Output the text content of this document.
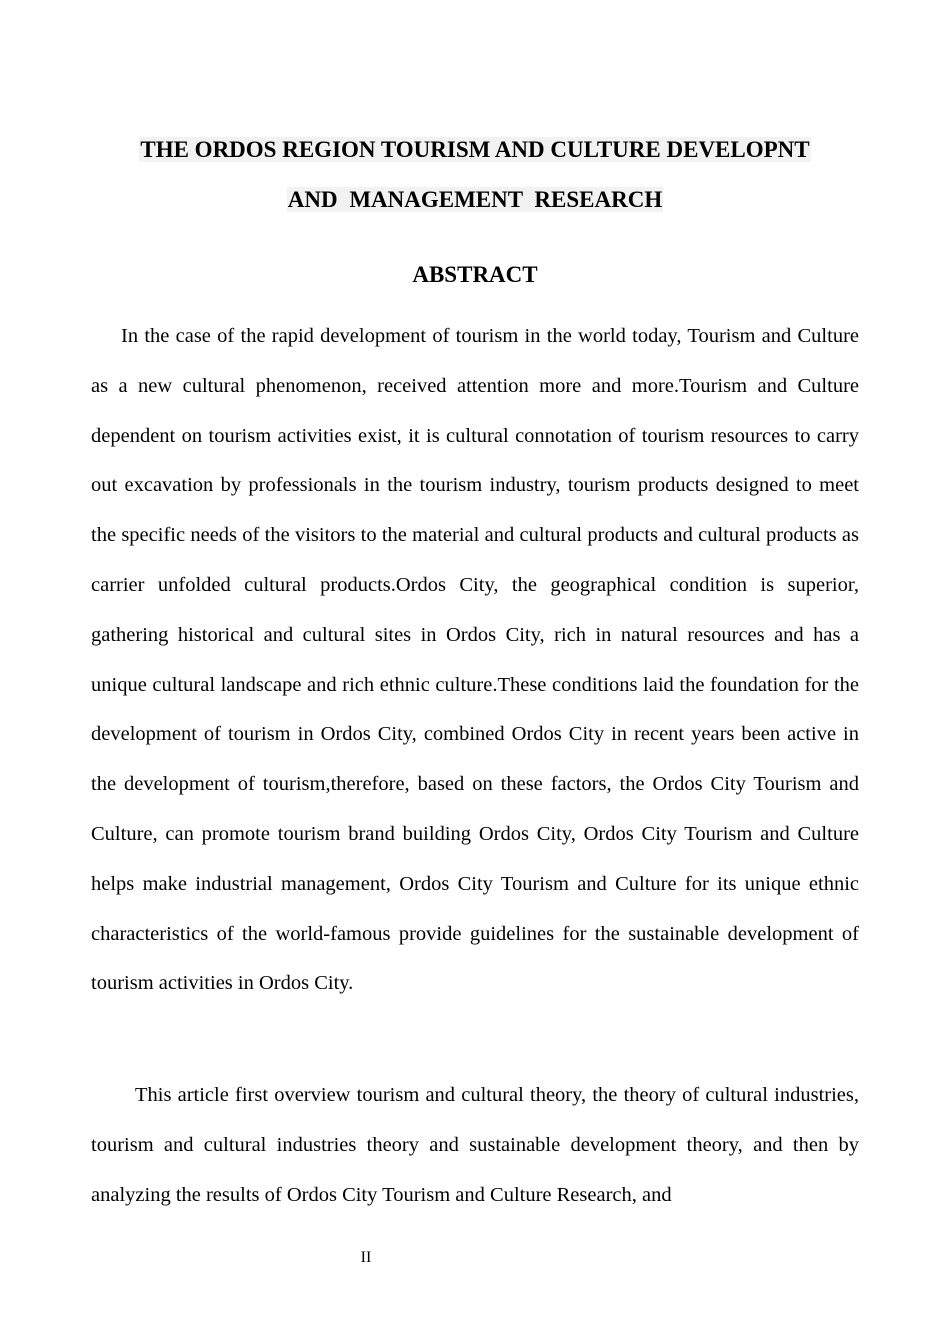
THE ORDOS REGION TOURISM AND CULTURE DEVELOPNT
AND MANAGEMENT RESEARCH
ABSTRACT

In the case of the rapid development of tourism in the world today, Tourism and Culture as a new cultural phenomenon, received attention more and more.Tourism and Culture dependent on tourism activities exist, it is cultural connotation of tourism resources to carry out excavation by professionals in the tourism industry, tourism products designed to meet the specific needs of the visitors to the material and cultural products and cultural products as carrier unfolded cultural products.Ordos City, the geographical condition is superior, gathering historical and cultural sites in Ordos City, rich in natural resources and has a unique cultural landscape and rich ethnic culture.These conditions laid the foundation for the development of tourism in Ordos City, combined Ordos City in recent years been active in the development of tourism,therefore, based on these factors, the Ordos City Tourism and Culture, can promote tourism brand building Ordos City, Ordos City Tourism and Culture helps make industrial management, Ordos City Tourism and Culture for its unique ethnic characteristics of the world-famous provide guidelines for the sustainable development of tourism activities in Ordos City.

This article first overview tourism and cultural theory, the theory of cultural industries, tourism and cultural industries theory and sustainable development theory, and then by analyzing the results of Ordos City Tourism and Culture Research, and

II
